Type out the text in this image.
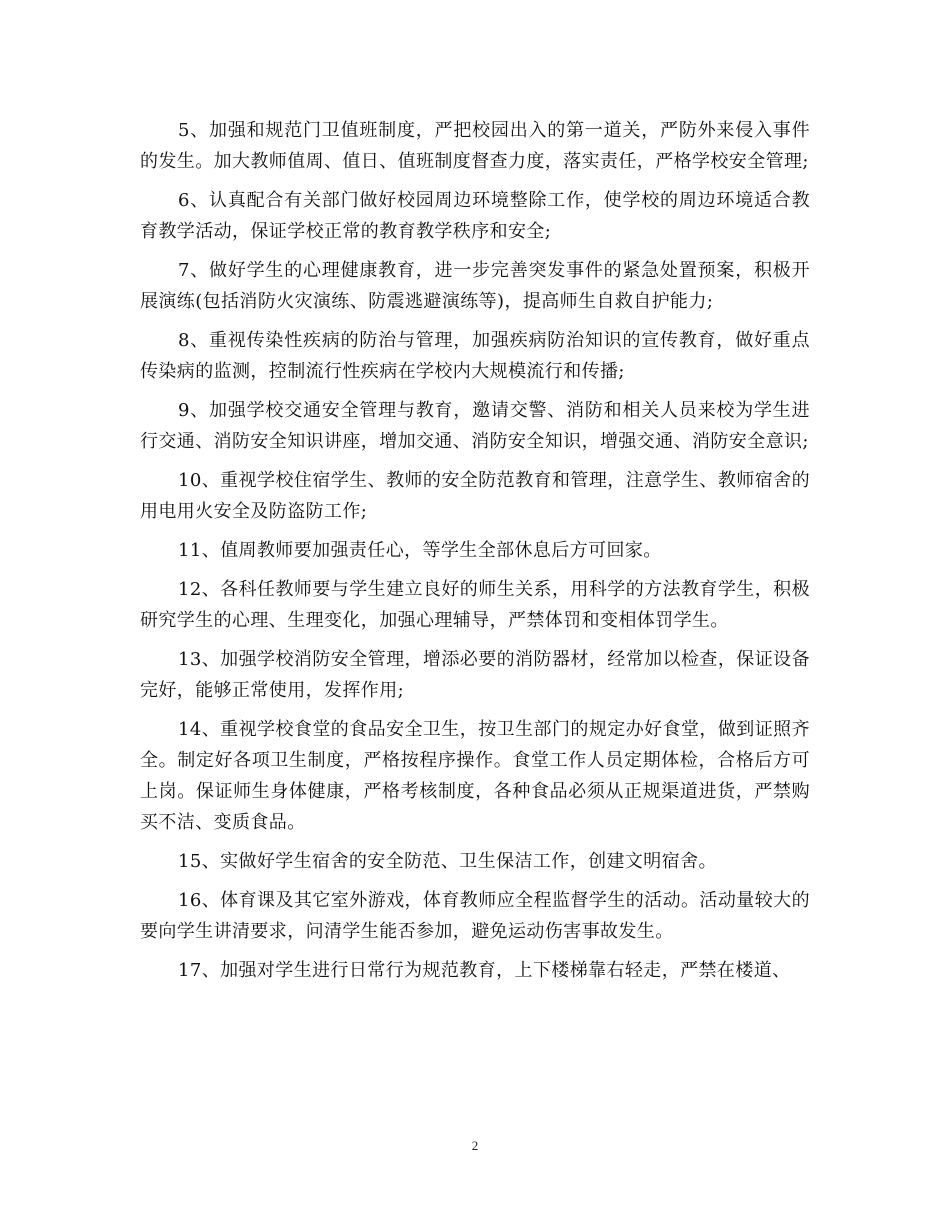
5、加强和规范门卫值班制度，严把校园出入的第一道关，严防外来侵入事件的发生。加大教师值周、值日、值班制度督查力度，落实责任，严格学校安全管理;

6、认真配合有关部门做好校园周边环境整除工作，使学校的周边环境适合教育教学活动，保证学校正常的教育教学秩序和安全;

7、做好学生的心理健康教育，进一步完善突发事件的紧急处置预案，积极开展演练(包括消防火灾演练、防震逃避演练等)，提高师生自救自护能力;

8、重视传染性疾病的防治与管理，加强疾病防治知识的宣传教育，做好重点传染病的监测，控制流行性疾病在学校内大规模流行和传播;

9、加强学校交通安全管理与教育，邀请交警、消防和相关人员来校为学生进行交通、消防安全知识讲座，增加交通、消防安全知识，增强交通、消防安全意识;

10、重视学校住宿学生、教师的安全防范教育和管理，注意学生、教师宿舍的用电用火安全及防盗防工作;

11、值周教师要加强责任心，等学生全部休息后方可回家。

12、各科任教师要与学生建立良好的师生关系，用科学的方法教育学生，积极研究学生的心理、生理变化，加强心理辅导，严禁体罚和变相体罚学生。

13、加强学校消防安全管理，增添必要的消防器材，经常加以检查，保证设备完好，能够正常使用，发挥作用;

14、重视学校食堂的食品安全卫生，按卫生部门的规定办好食堂，做到证照齐全。制定好各项卫生制度，严格按程序操作。食堂工作人员定期体检，合格后方可上岗。保证师生身体健康，严格考核制度，各种食品必须从正规渠道进货，严禁购买不洁、变质食品。

15、实做好学生宿舍的安全防范、卫生保洁工作，创建文明宿舍。

16、体育课及其它室外游戏，体育教师应全程监督学生的活动。活动量较大的要向学生讲清要求，问清学生能否参加，避免运动伤害事故发生。

17、加强对学生进行日常行为规范教育，上下楼梯靠右轻走，严禁在楼道、

2
